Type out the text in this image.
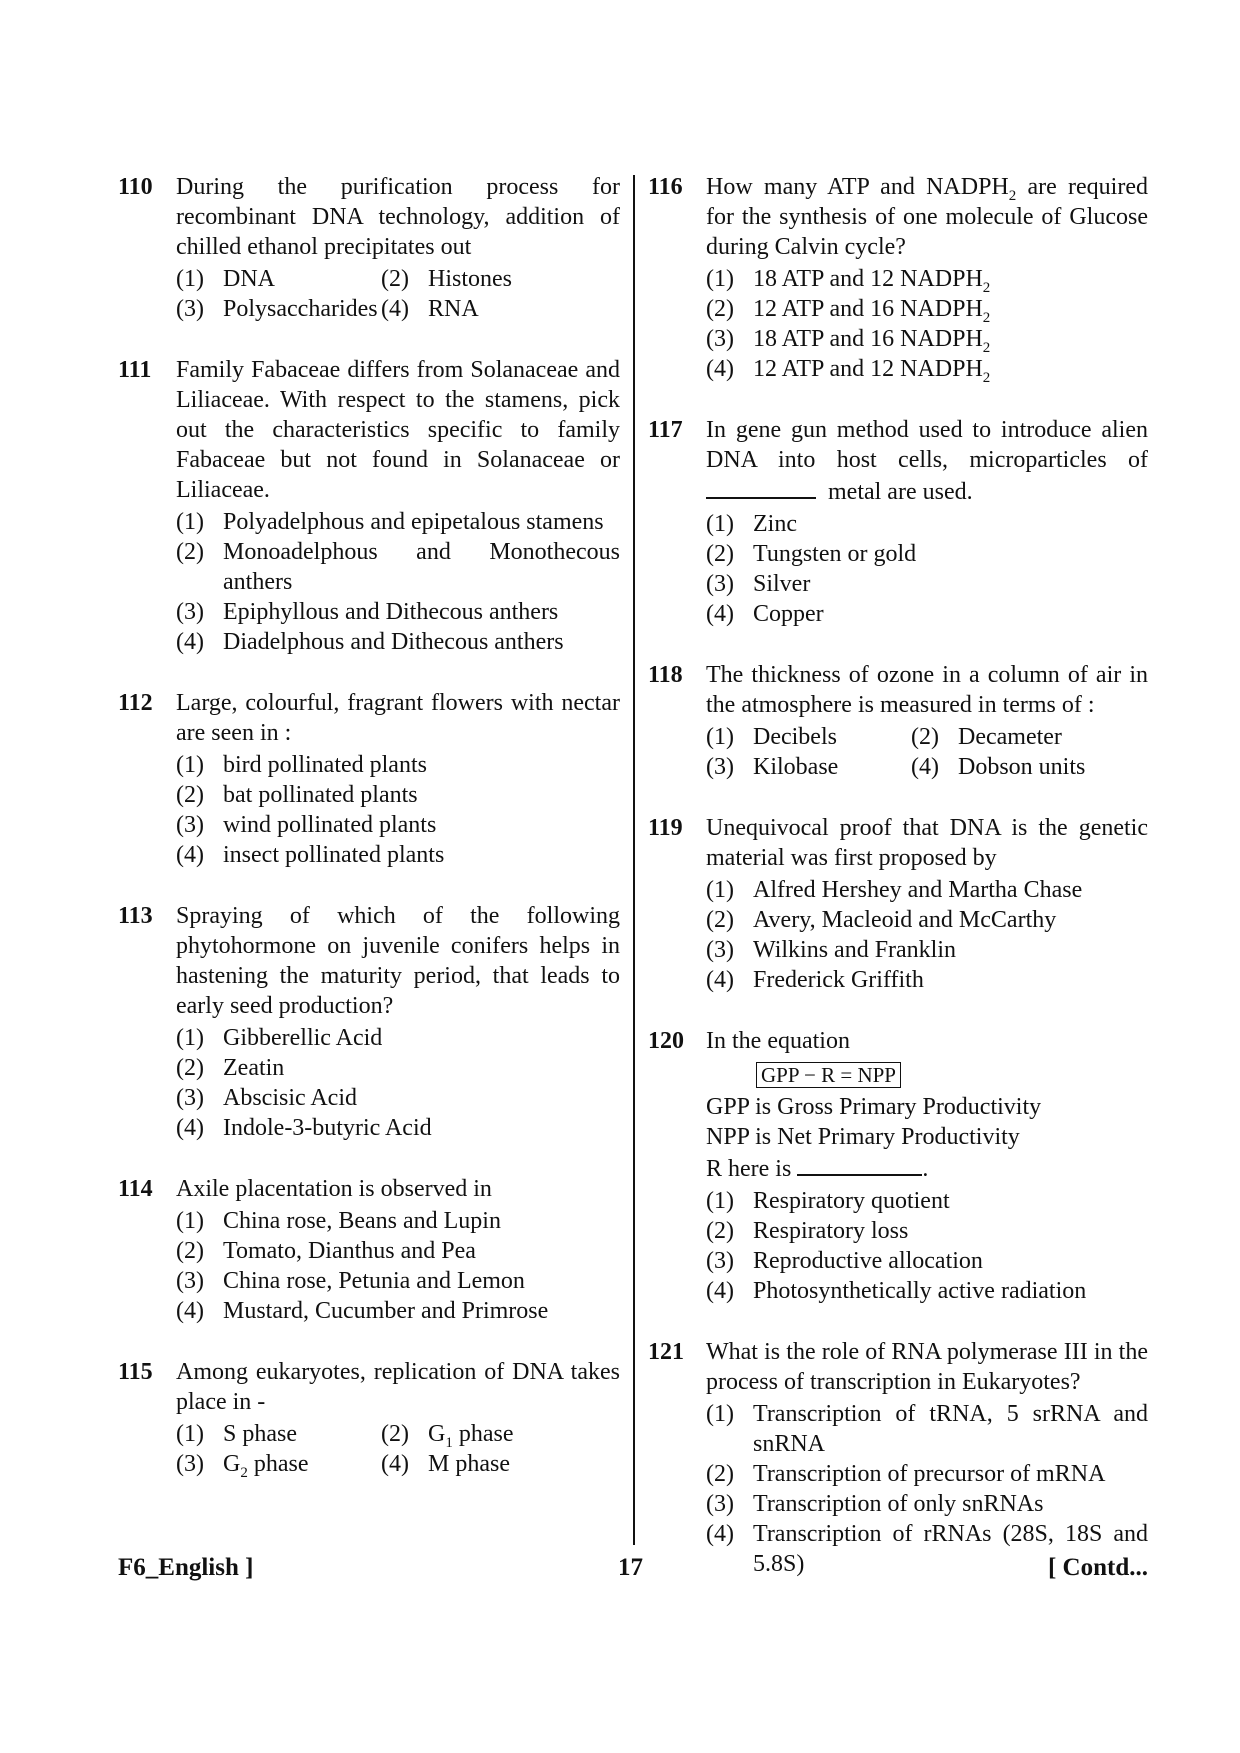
110 During the purification process for recombinant DNA technology, addition of chilled ethanol precipitates out
(1) DNA	(2) Histones
(3) Polysaccharides (4) RNA
111	Family Fabaceae differs from Solanaceae and Liliaceae. With respect to the stamens, pick out the characteristics specific to family Fabaceae but not found in Solanaceae or Liliaceae.
(1) Polyadelphous and epipetalous stamens
(2) Monoadelphous and Monothecous anthers
(3) Epiphyllous and Dithecous anthers
(4) Diadelphous and Dithecous anthers
112 Large, colourful, fragrant flowers with nectar are seen in :
(1) bird pollinated plants
(2) bat pollinated plants
(3) wind pollinated plants
(4) insect pollinated plants
113 Spraying of which of the following phytohormone on juvenile conifers helps in hastening the maturity period, that leads to early seed production?
(1) Gibberellic Acid
(2) Zeatin
(3) Abscisic Acid
(4) Indole-3-butyric Acid
114 Axile placentation is observed in
(1) China rose, Beans and Lupin
(2) Tomato, Dianthus and Pea
(3) China rose, Petunia and Lemon
(4) Mustard, Cucumber and Primrose
115 Among eukaryotes, replication of DNA takes place in -
(1) S phase	(2) $G_1$ phase
(3) $G_2$ phase	(4) M phase
116 How many ATP and $NADPH_2$ are required for the synthesis of one molecule of Glucose during Calvin cycle?
(1) 18 ATP and 12 $NADPH_2$
(2) 12 ATP and 16 $NADPH_2$
(3) 18 ATP and 16 $NADPH_2$
(4) 12 ATP and 12 $NADPH_2$
117 In gene gun method used to introduce alien DNA into host cells, microparticles of  metal are used.
(1) Zinc
(2) Tungsten or gold
(3) Silver
(4) Copper
118 The thickness of ozone in a column of air in the atmosphere is measured in terms of :
(1) Decibels	(2) Decameter
(3) Kilobase	(4) Dobson units
119 Unequivocal proof that DNA is the genetic material was first proposed by
(1) Alfred Hershey and Martha Chase
(2) Avery, Macleoid and McCarthy
(3) Wilkins and Franklin
(4) Frederick Griffith
120 In the equation
GPP − R = NPP
GPP is Gross Primary Productivity
NPP is Net Primary Productivity
R here is	.
(1) Respiratory quotient
(2) Respiratory loss
(3) Reproductive allocation
(4) Photosynthetically active radiation
121 What is the role of RNA polymerase III in the process of transcription in Eukaryotes?
(1) Transcription of tRNA, 5 srRNA and snRNA
(2) Transcription of precursor of mRNA
(3) Transcription of only snRNAs
(4) Transcription of rRNAs (28S, 18S and 5.8S)
F6_English ]	17	[ Contd...
